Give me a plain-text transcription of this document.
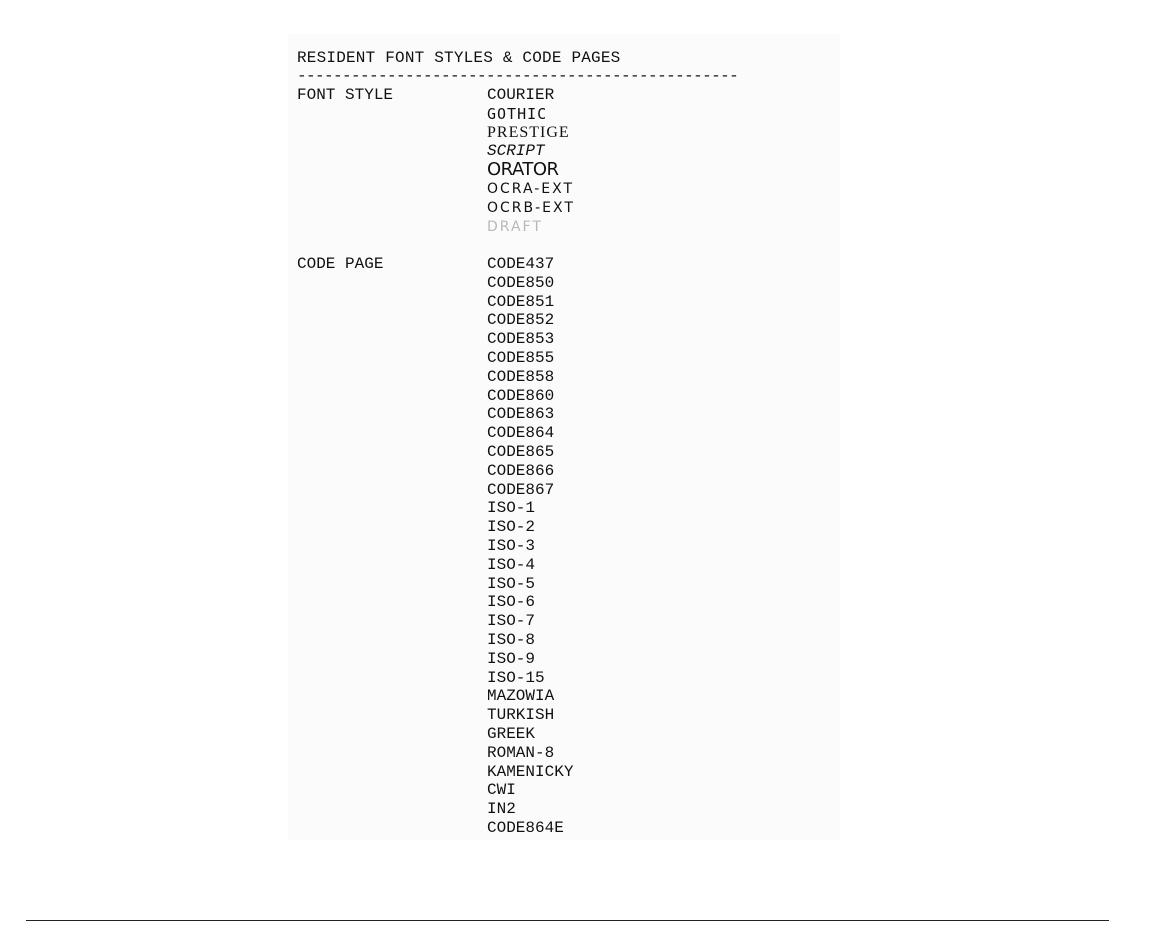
RESIDENT FONT STYLES & CODE PAGES
-------------------------------------------------
FONT STYLE	COURIER
GOTHIC
PRESTIGE
SCRIPT
ORATOR
OCRA-EXT
OCRB-EXT
DRAFT
CODE PAGE	CODE437
CODE850
CODE851
CODE852
CODE853
CODE855
CODE858
CODE860
CODE863
CODE864
CODE865
CODE866
CODE867
ISO-1
ISO-2
ISO-3
ISO-4
ISO-5
ISO-6
ISO-7
ISO-8
ISO-9
ISO-15
MAZOWIA
TURKISH
GREEK
ROMAN-8
KAMENICKY
CWI
IN2
CODE864E
